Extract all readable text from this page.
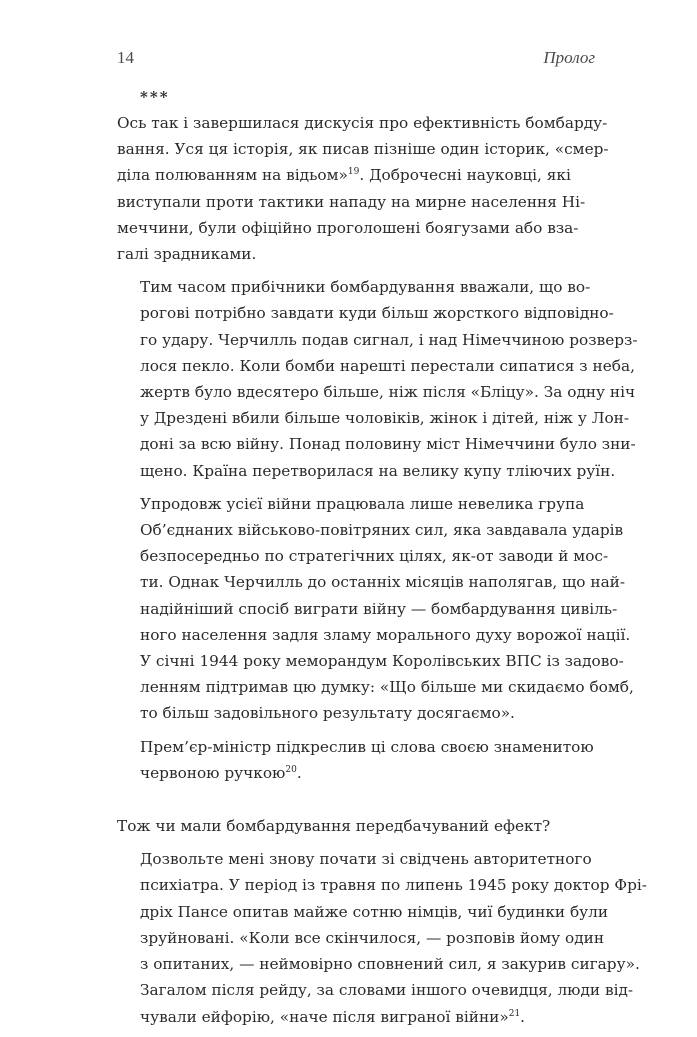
14	Пролог
***

Ось так і завершилася дискусія про ефективність бомбарду-
вання. Уся ця історія, як писав пізніше один історик, «смер-
діла полюванням на відьом»$^{19}$. Доброчесні науковці, які
виступали проти тактики нападу на мирне населення Ні-
меччини, були офіційно проголошені боягузами або взa-
галі зрадниками.

Тим часом прибічники бомбардування вважали, що во-
рогові потрібно завдати куди більш жорсткого відповідно-
го удару. Черчилль подав сигнал, і над Німеччиною розверз-
лося пекло. Коли бомби нарешті перестали сипатися з неба,
жертв було вдесятеро більше, ніж після «Бліцу». За одну ніч
у Дрездені вбили більше чоловіків, жінок і дітей, ніж у Лон-
доні за всю війну. Понад половину міст Німеччини було зни-
щено. Країна перетворилася на велику купу тліючих руїн.

Упродовж усієї війни працювала лише невелика група
Об’єднаних військово-повітряних сил, яка завдавала ударів
безпосередньо по стратегічних цілях, як-от заводи й мос-
ти. Однак Черчилль до останніх місяців наполягав, що най-
надійніший спосіб виграти війну — бомбардування цивіль-
ного населення задля зламу морального духу ворожої нації.
У січні 1944 року меморандум Королівських ВПС із задово-
ленням підтримав цю думку: «Що більше ми скидаємо бомб,
то більш задовільного результату досягаємо».

Прем’єр-міністр підкреслив ці слова своєю знаменитою
червоною ручкою$^{20}$.

Тож чи мали бомбардування передбачуваний ефект?

Дозвольте мені знову почати зі свідчень авторитетного
психіатра. У період із травня по липень 1945 року доктор Фрі-
дріх Пансе опитав майже сотню німців, чиї будинки були
зруйновані. «Коли все скінчилося, — розповів йому один
з опитаних, — неймовірно сповнений сил, я закурив сигару».
Загалом після рейду, за словами іншого очевидця, люди від-
чували ейфорію, «наче після виграної війни»$^{21}$.
